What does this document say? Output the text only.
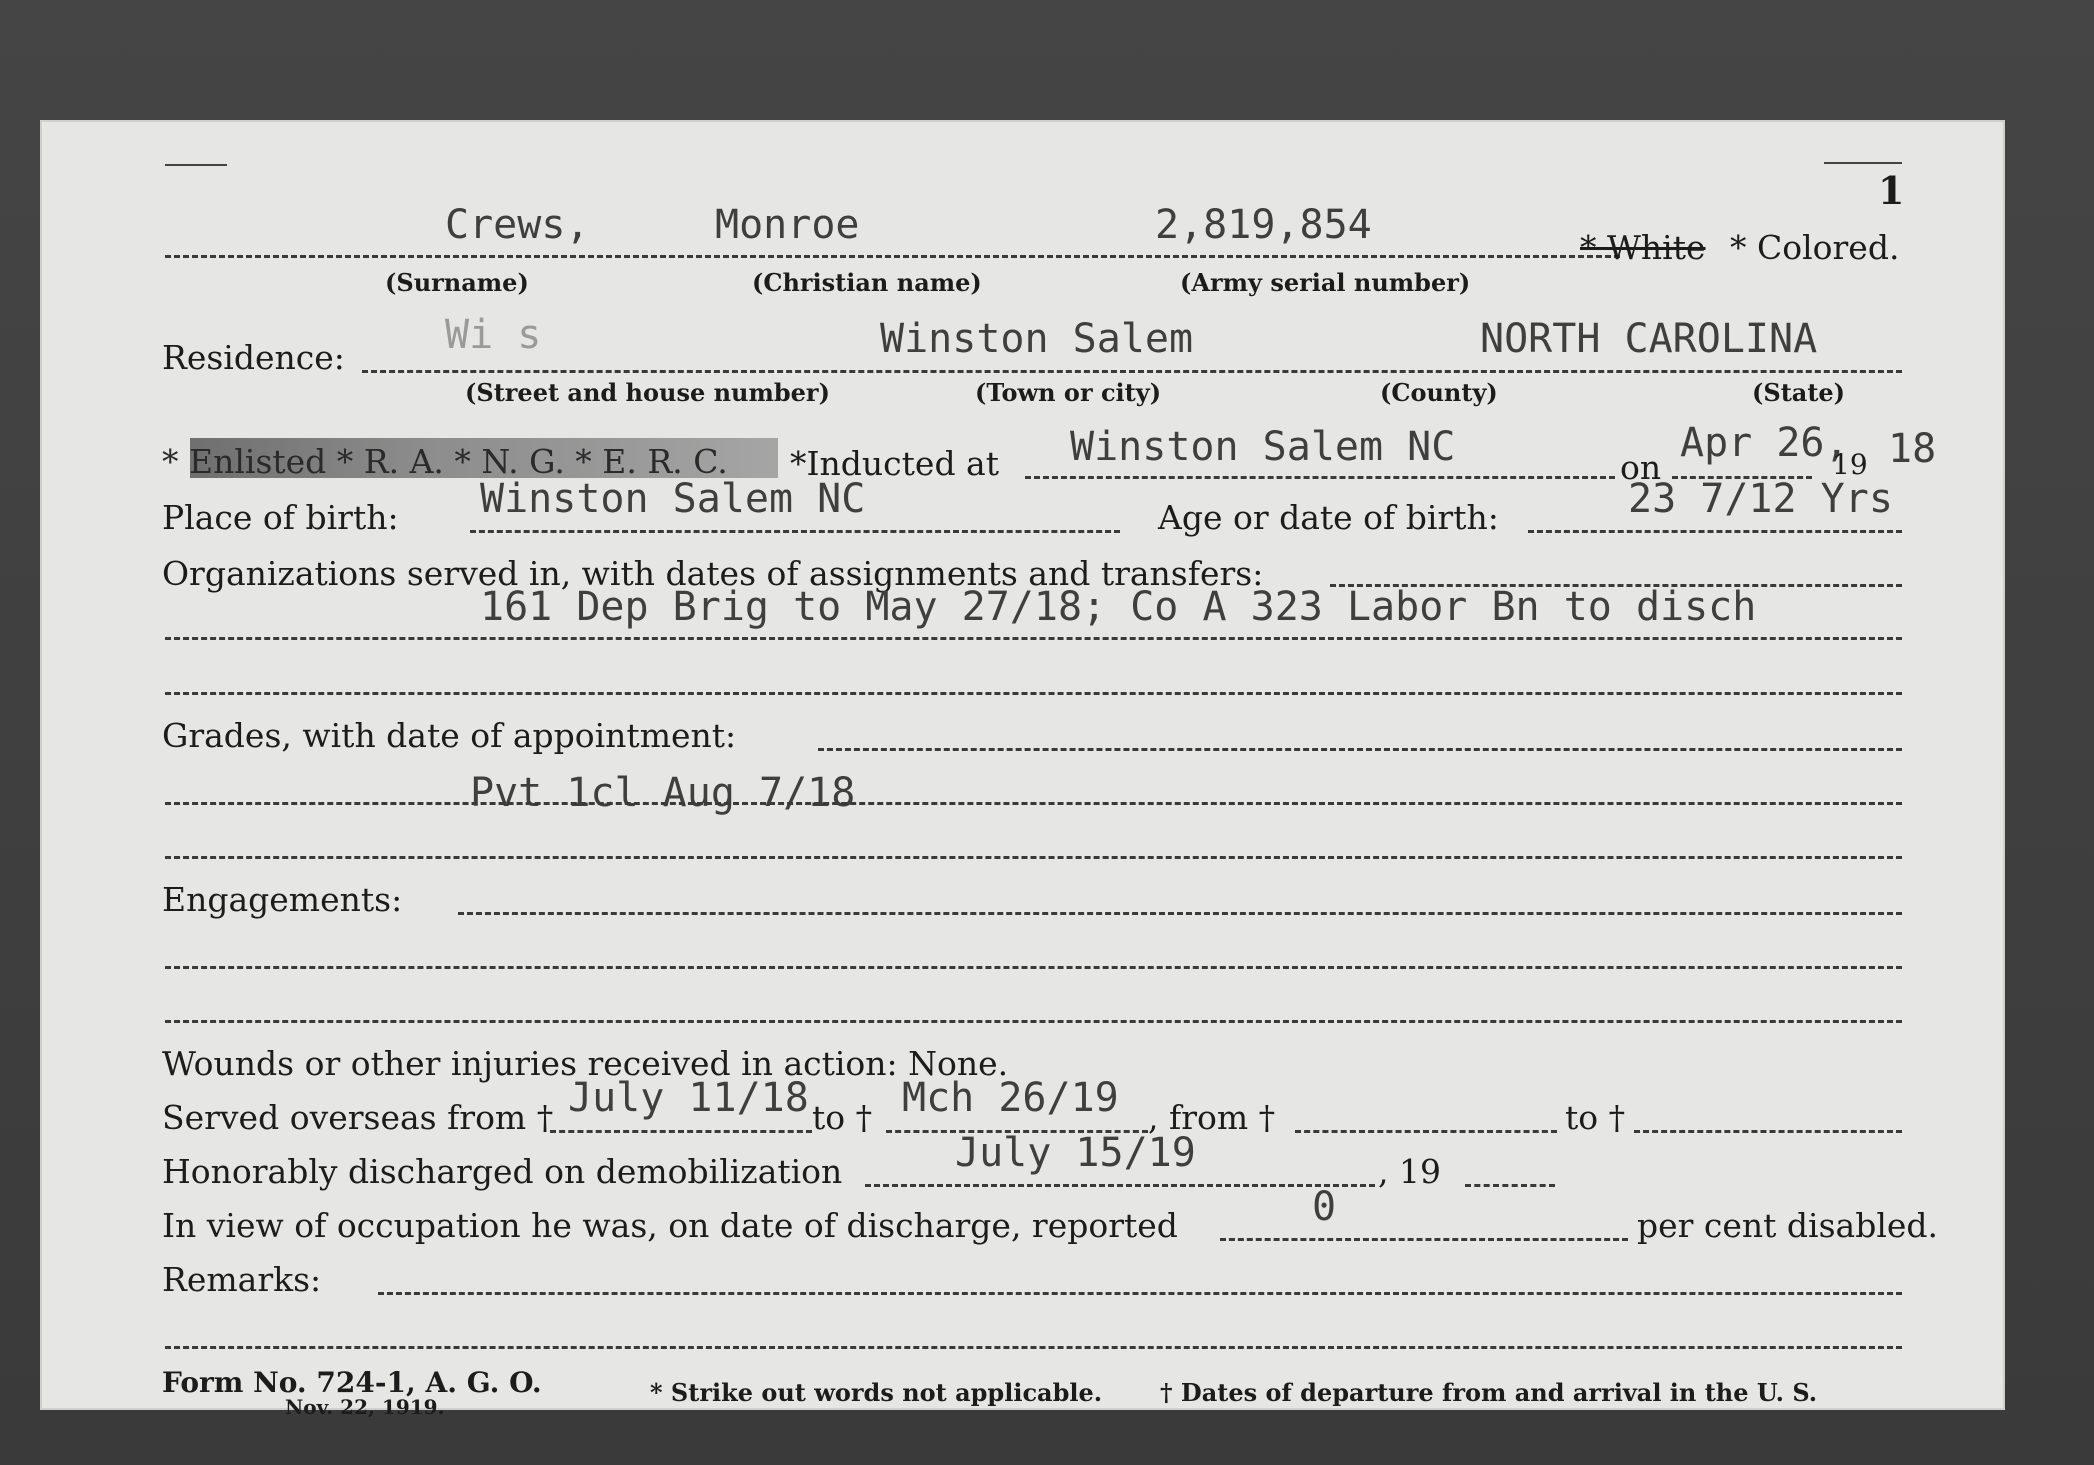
1
Crews,	Monroe	2,819,854	* White * Colored.
(Surname)	(Christian name)	(Army serial number)
Residence:	Wi s	Winston Salem	NORTH CAROLINA
(Street and house number)	(Town or city)	(County)	(State)
* Enlisted * R. A. * N. G. * E. R. C. *Inducted at Winston Salem NC	on
Apr 26,
19 18
Place of birth: Winston Salem NC	Age or date of birth:	23 7/12 Yrs
Organizations served in, with dates of assignments and transfers:
161 Dep Brig to May 27/18; Co A 323 Labor Bn to disch
Grades, with date of appointment:
Pvt 1cl Aug 7/18
Engagements:
Wounds or other injuries received in action: None.
Served overseas from † July 11/18 to † Mch 26/19 , from †	to †
Honorably discharged on demobilization	July 15/19	, 19
In view of occupation he was, on date of discharge, reported	0	per cent disabled.
Remarks:
Form No. 724-1, A. G. O.
Nov. 22, 1919.	* Strike out words not applicable. † Dates of departure from and arrival in the U. S.
